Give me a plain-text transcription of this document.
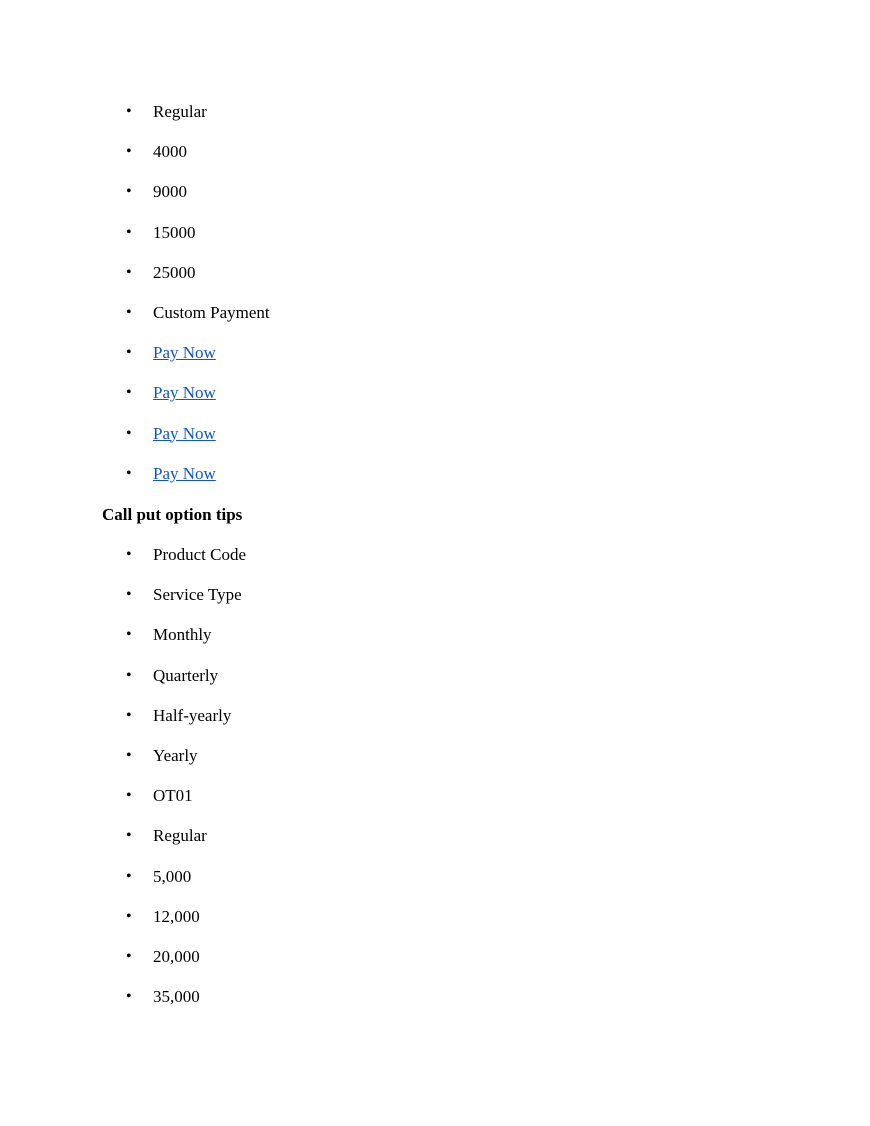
• Regular
• 4000
• 9000
• 15000
• 25000
• Custom Payment
• Pay Now
• Pay Now
• Pay Now
• Pay Now

Call put option tips

• Product Code
• Service Type
• Monthly
• Quarterly
• Half-yearly
• Yearly
• OT01
• Regular
• 5,000
• 12,000
• 20,000
• 35,000
